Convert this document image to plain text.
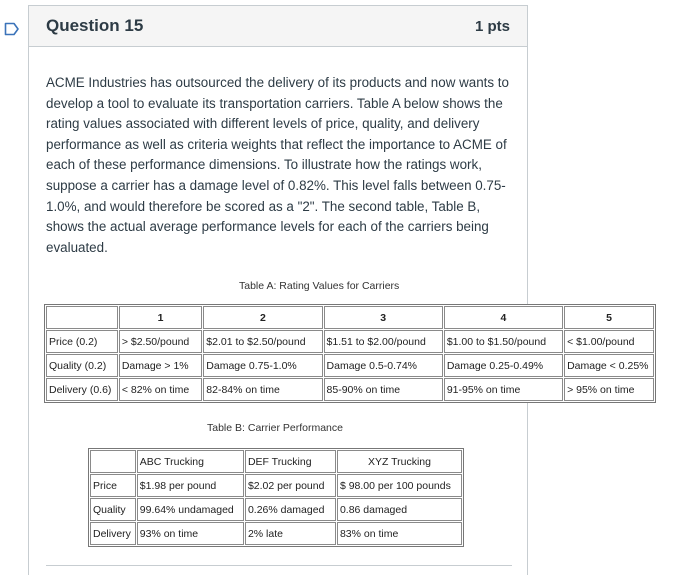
Question 15	1 pts
ACME Industries has outsourced the delivery of its products and now wants to develop a tool to evaluate its transportation carriers. Table A below shows the rating values associated with different levels of price, quality, and delivery performance as well as criteria weights that reflect the importance to ACME of each of these performance dimensions. To illustrate how the ratings work, suppose a carrier has a damage level of 0.82%. This level falls between 0.75-1.0%, and would therefore be scored as a "2". The second table, Table B, shows the actual average performance levels for each of the carriers being evaluated.
Table A: Rating Values for Carriers
	1	2	3	4	5
Price (0.2)	> $2.50/pound	$2.01 to $2.50/pound	$1.51 to $2.00/pound	$1.00 to $1.50/pound	< $1.00/pound
Quality (0.2)	Damage > 1%	Damage 0.75-1.0%	Damage 0.5-0.74%	Damage 0.25-0.49%	Damage < 0.25%
Delivery (0.6)	< 82% on time	82-84% on time	85-90% on time	91-95% on time	> 95% on time
Table B: Carrier Performance
	ABC Trucking	DEF Trucking	XYZ Trucking
Price	$1.98 per pound	$2.02 per pound	$ 98.00 per 100 pounds
Quality	99.64% undamaged	0.26% damaged	0.86 damaged
Delivery	93% on time	2% late	83% on time
